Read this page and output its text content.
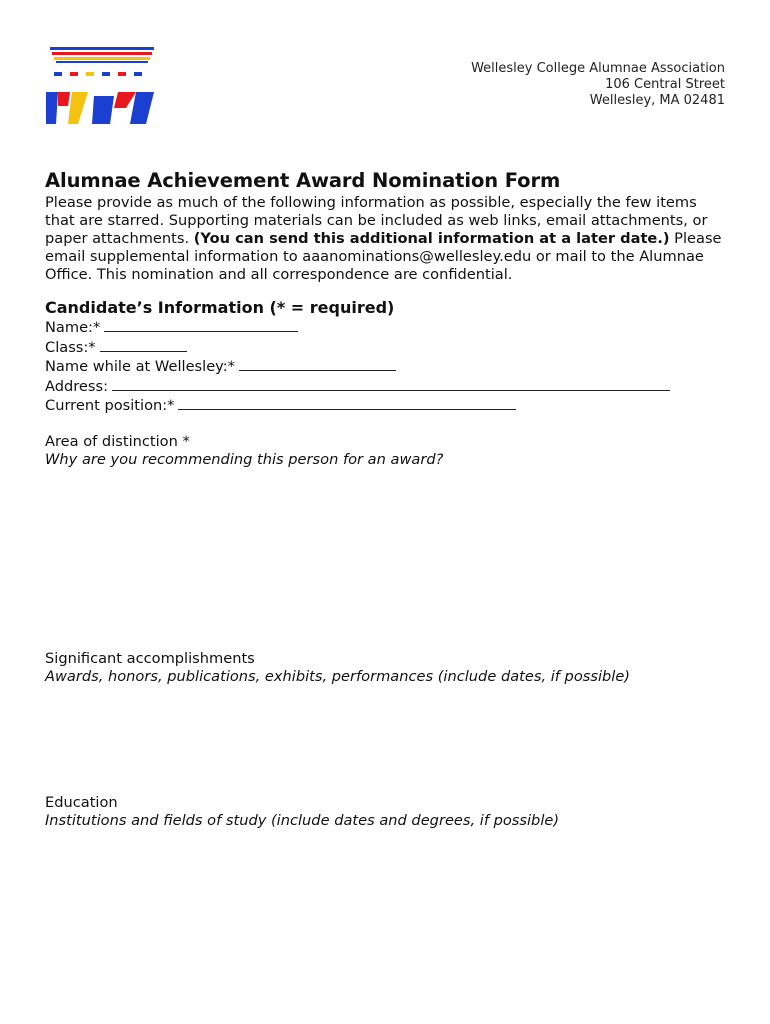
Wellesley College Alumnae Association
106 Central Street
Wellesley, MA 02481
Alumnae Achievement Award Nomination Form

Please provide as much of the following information as possible, especially the few items that are starred. Supporting materials can be included as web links, email attachments, or paper attachments. (You can send this additional information at a later date.) Please email supplemental information to aaanominations@wellesley.edu or mail to the Alumnae Office. This nomination and all correspondence are confidential.

Candidate’s Information (* = required)
Name:*
Class:*
Name while at Wellesley:*
Address:
Current position:*
Area of distinction *
Why are you recommending this person for an award?
Significant accomplishments
Awards, honors, publications, exhibits, performances (include dates, if possible)
Education
Institutions and fields of study (include dates and degrees, if possible)
